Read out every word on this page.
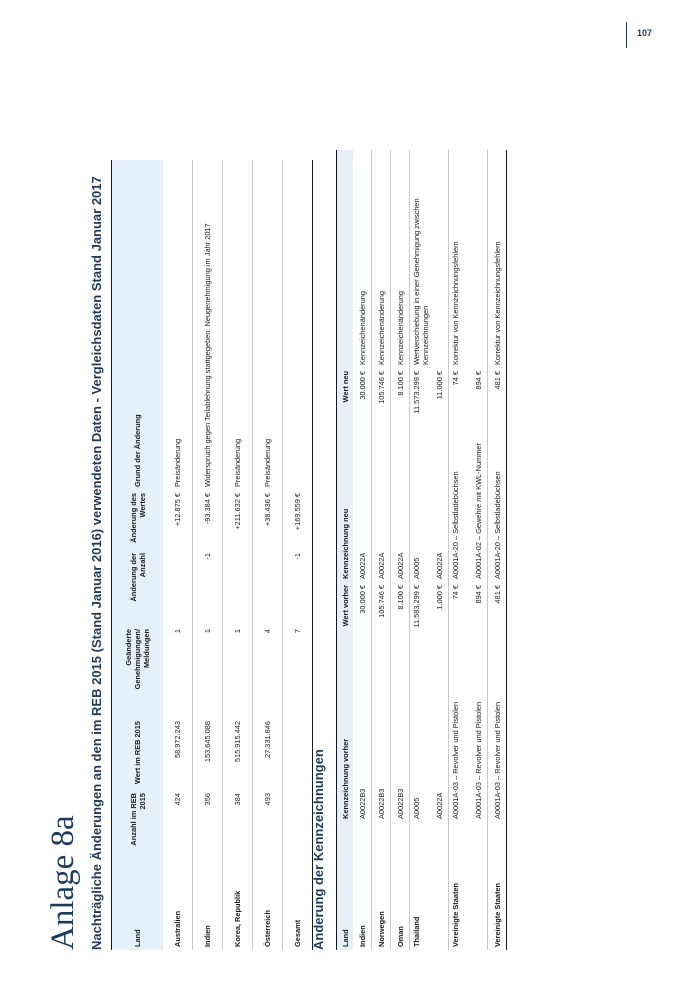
107
Anlage 8a Nachträgliche Änderungen an den im REB 2015 (Stand Januar 2016) verwendeten Daten - Vergleichsdaten Stand Januar 2017	Land	Anzahl im REB 2015	Wert im REB 2015	Geänderte Genehmigungen/ Meldungen	Änderung der Anzahl	Änderung des Wertes	Grund der Änderung
Australien	424	58.972.243	1		+12.875 €	Preisänderung
Indien	356	153.645.088	1	-1	-93.384 €	Widerspruch gegen Teilablehnung stattgegeben. Neugenehmigung im Jahr 2017
Korea, Republik	384	515.915.442	1		+211.632 €	Preisänderung
Österreich	493	27.331.846	4		+38.436 €	Preisänderung
Gesamt			7	-1	+169.559 €	
Änderung der Kennzeichnungen Land	Kennzeichnung vorher	Wert vorher	Kennzeichnung neu	Wert neu	
Indien	A0022B3	30.000 €	A0022A	30.000 €	Kennzeichenänderung
Norwegen	A0022B3	105.746 €	A0022A	105.746 €	Kennzeichenänderung
Oman	A0022B3	8.100 €	A0022A	8.100 €	Kennzeichenänderung
Thailand	A0005	11.583.299 €	A0005	11.573.299 €	Wertverschiebung in einer Genehmigung zwischen Kennzeichnungen
	A0022A	1.000 €	A0022A	11.000 €	
Vereinigte Staaten	A0001A-03 – Revolver und Pistolen	74 €	A0001A-20 – Selbstladebüchsen	74 €	Korrektur von Kennzeichnungsfehlern
	A0001A-03 – Revolver und Pistolen	894 €	A0001A-02 – Gewehre mit KWL-Nummer	894 €	
Vereinigte Staaten	A0001A-03 – Revolver und Pistolen	481 €	A0001A-20 – Selbstladebüchsen	481 €	Korrektur von Kennzeichnungsfehlern
